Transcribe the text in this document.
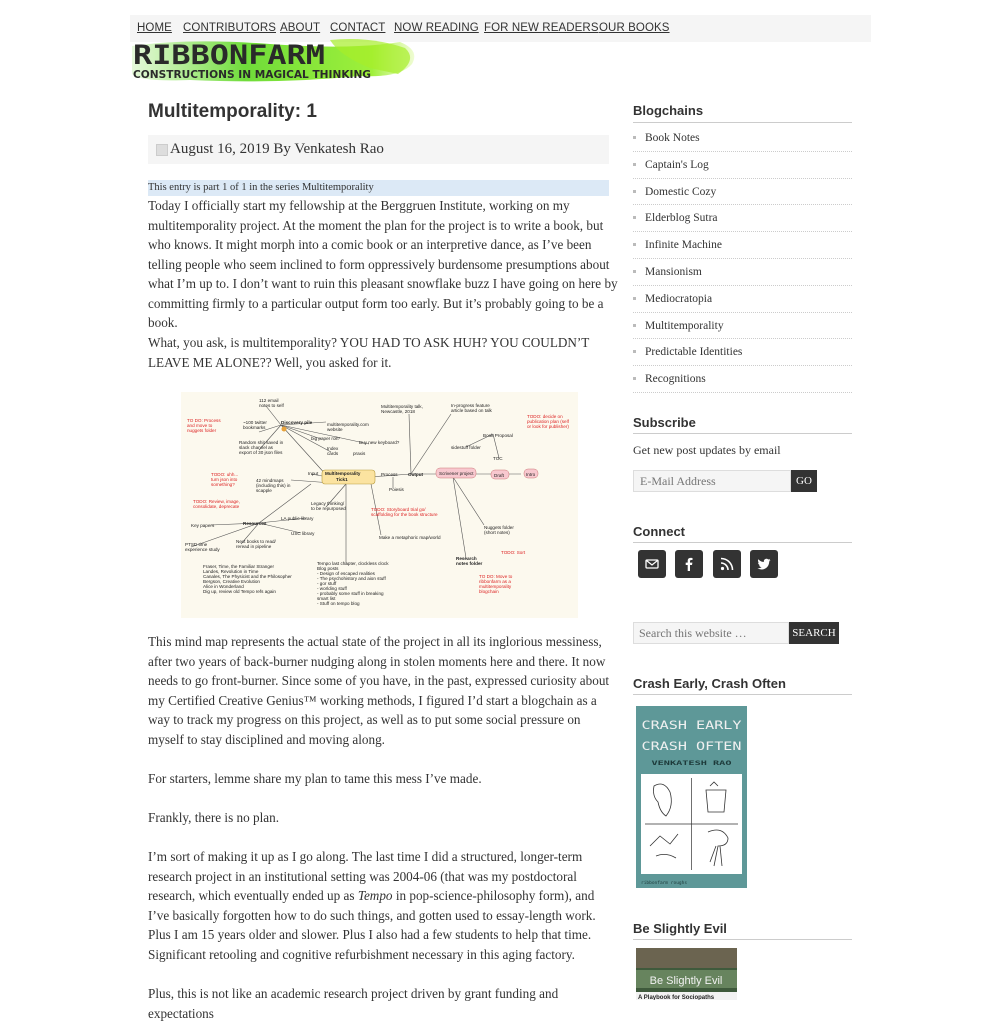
HOME CONTRIBUTORS ABOUT CONTACT NOW READING FOR NEW READERS OUR BOOKS
RIBBONFARM
CONSTRUCTIONS IN MAGICAL THINKING
Multitemporality: 1
August 16, 2019 By Venkatesh Rao
This entry is part 1 of 1 in the series Multitemporality

Today I officially start my fellowship at the Berggruen Institute, working on my multitemporality project. At the moment the plan for the project is to write a book, but who knows. It might morph into a comic book or an interpretive dance, as I’ve been telling people who seem inclined to form oppressively burdensome presumptions about what I’m up to. I don’t want to ruin this pleasant snowflake buzz I have going on here by committing firmly to a particular output form too early. But it’s probably going to be a book.

What, you ask, is multitemporality? YOU HAD TO ASK HUH? YOU COULDN’T LEAVE ME ALONE?? Well, you asked for it.

112 email
notes to self
~100 twitter
bookmarks
Discovery pile
Random shit saved in
slack channel as
export of 30 json files
multitemporality.com
website
big paper roll?
Buy new keyboard?
Index
cards	praxis
Multitemporality talk,
Newcastle, 2018
In-progress feature
article based on talk
Book Proposal
sidestuff folder
TOC
Input Multitemporality
Tick1
Process Output	Scrivener project	Draft	Intro
42 mindmaps
(including this) in
scapple	Poiesis
Legacy thinking/
to be repurposed
Resources
Key papers
LA public library
USC library
Make a metaphoric map/world
Nuggets folder
(short notes)
Research
notes folder
PTSD time
experience study
Next books to read/
reread in pipeline
Fraser, Time, the Familiar Stranger
Landes, Revolution in Time
Canales, The Physicist and the Philosopher
Bergson, Creative Evolution
Alice in Wonderland
Dig up, review old Tempo refs again
Tempo last chapter, clockless clock
Blog posts
- Design of escaped realities
- The psychohistory and aion stuff
- gor stuff
- worlding stuff
- probably some stuff in breaking
smart list
- Stuff on tempo blog
TO DO: Process
and move to
nuggets folder
TODO: uhh...
turn json into
something?
TODO: decide on
publication plan (self
or look for publisher)
TODO: Review, image,
consolidate, deprecate
TODO: Storyboard trial go/
scaffolding for the book structure
TODO: Sort
TO DO: Move to
ribbonfarm as a
multitemporality
blogchain

This mind map represents the actual state of the project in all its inglorious messiness, after two years of back-burner nudging along in stolen moments here and there. It now needs to go front-burner. Since some of you have, in the past, expressed curiosity about my Certified Creative Genius™ working methods, I figured I’d start a blogchain as a way to track my progress on this project, as well as to put some social pressure on myself to stay disciplined and moving along.

For starters, lemme share my plan to tame this mess I’ve made.

Frankly, there is no plan.

I’m sort of making it up as I go along. The last time I did a structured, longer-term research project in an institutional setting was 2004-06 (that was my postdoctoral research, which eventually ended up as Tempo in pop-science-philosophy form), and I’ve basically forgotten how to do such things, and gotten used to essay-length work. Plus I am 15 years older and slower. Plus I also had a few students to help that time. Significant retooling and cognitive refurbishment necessary in this aging factory.

Plus, this is not like an academic research project driven by grant funding and expectations

Blogchains
Book Notes
Captain's Log
Domestic Cozy
Elderblog Sutra
Infinite Machine
Mansionism
Mediocratopia
Multitemporality
Predictable Identities
Recognitions
Subscribe
Get new post updates by email
E-Mail Address
GO
Connect
Search this website …
SEARCH
Crash Early, Crash Often
CRASH EARLY
CRASH OFTEN
VENKATESH RAO
ribbonfarm roughs
Be Slightly Evil
Be Slightly Evil
A Playbook for Sociopaths
